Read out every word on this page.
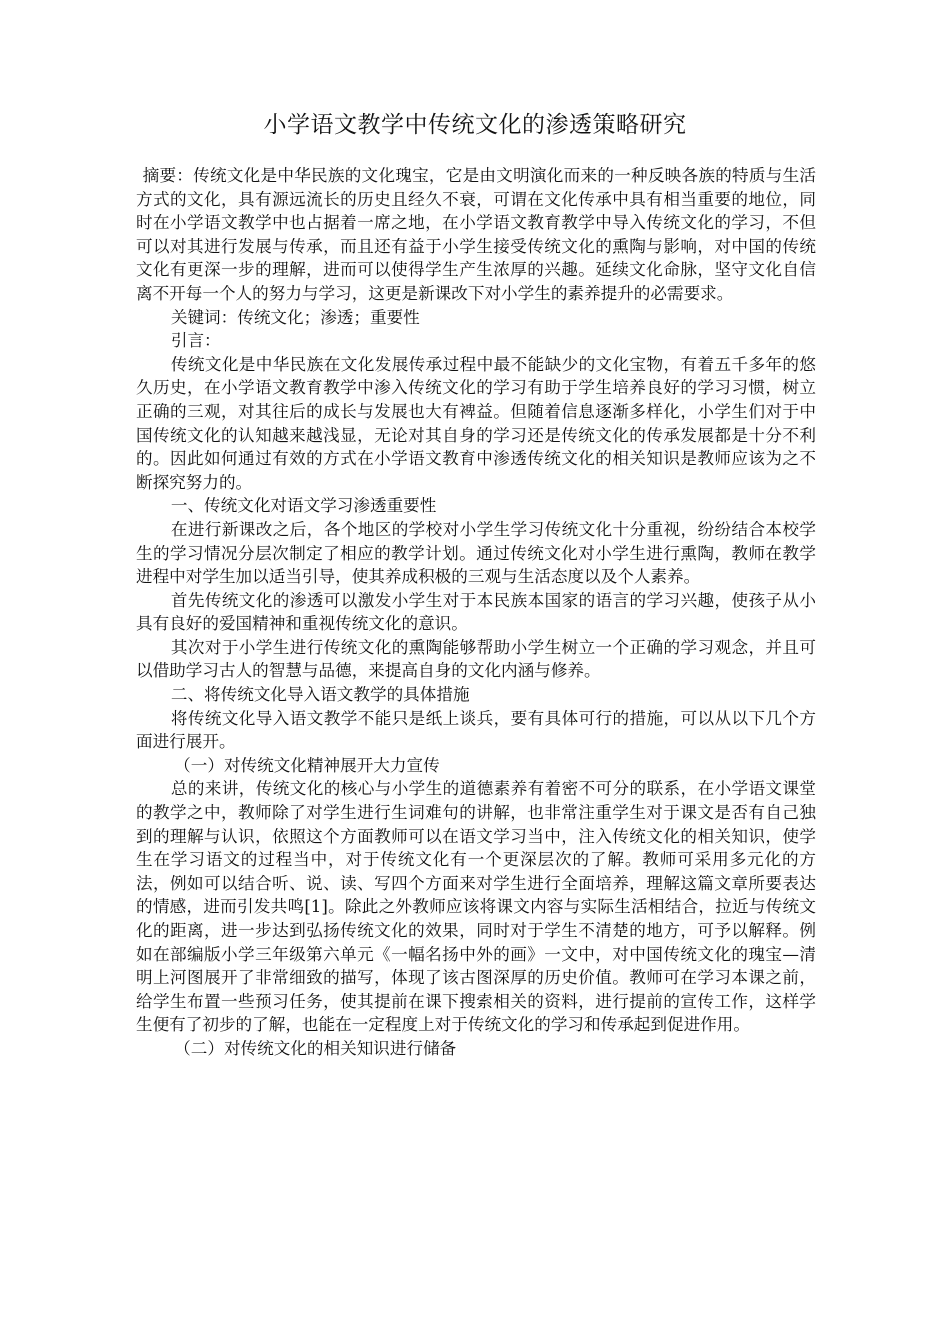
小学语文教学中传统文化的渗透策略研究

摘要：传统文化是中华民族的文化瑰宝，它是由文明演化而来的一种反映各族的特质与生活方式的文化，具有源远流长的历史且经久不衰，可谓在文化传承中具有相当重要的地位，同时在小学语文教学中也占据着一席之地，在小学语文教育教学中导入传统文化的学习，不但可以对其进行发展与传承，而且还有益于小学生接受传统文化的熏陶与影响，对中国的传统文化有更深一步的理解，进而可以使得学生产生浓厚的兴趣。延续文化命脉，坚守文化自信离不开每一个人的努力与学习，这更是新课改下对小学生的素养提升的必需要求。

关键词：传统文化；渗透；重要性

引言：

传统文化是中华民族在文化发展传承过程中最不能缺少的文化宝物，有着五千多年的悠久历史，在小学语文教育教学中渗入传统文化的学习有助于学生培养良好的学习习惯，树立正确的三观，对其往后的成长与发展也大有裨益。但随着信息逐渐多样化，小学生们对于中国传统文化的认知越来越浅显，无论对其自身的学习还是传统文化的传承发展都是十分不利的。因此如何通过有效的方式在小学语文教育中渗透传统文化的相关知识是教师应该为之不断探究努力的。

一、传统文化对语文学习渗透重要性

在进行新课改之后，各个地区的学校对小学生学习传统文化十分重视，纷纷结合本校学生的学习情况分层次制定了相应的教学计划。通过传统文化对小学生进行熏陶，教师在教学进程中对学生加以适当引导，使其养成积极的三观与生活态度以及个人素养。

首先传统文化的渗透可以激发小学生对于本民族本国家的语言的学习兴趣，使孩子从小具有良好的爱国精神和重视传统文化的意识。

其次对于小学生进行传统文化的熏陶能够帮助小学生树立一个正确的学习观念，并且可以借助学习古人的智慧与品德，来提高自身的文化内涵与修养。

二、将传统文化导入语文教学的具体措施

将传统文化导入语文教学不能只是纸上谈兵，要有具体可行的措施，可以从以下几个方面进行展开。

（一）对传统文化精神展开大力宣传

总的来讲，传统文化的核心与小学生的道德素养有着密不可分的联系，在小学语文课堂的教学之中，教师除了对学生进行生词难句的讲解，也非常注重学生对于课文是否有自己独到的理解与认识，依照这个方面教师可以在语文学习当中，注入传统文化的相关知识，使学生在学习语文的过程当中，对于传统文化有一个更深层次的了解。教师可采用多元化的方法，例如可以结合听、说、读、写四个方面来对学生进行全面培养，理解这篇文章所要表达的情感，进而引发共鸣[1]。除此之外教师应该将课文内容与实际生活相结合，拉近与传统文化的距离，进一步达到弘扬传统文化的效果，同时对于学生不清楚的地方，可予以解释。例如在部编版小学三年级第六单元《一幅名扬中外的画》一文中，对中国传统文化的瑰宝—清明上河图展开了非常细致的描写，体现了该古图深厚的历史价值。教师可在学习本课之前，给学生布置一些预习任务，使其提前在课下搜索相关的资料，进行提前的宣传工作，这样学生便有了初步的了解，也能在一定程度上对于传统文化的学习和传承起到促进作用。

（二）对传统文化的相关知识进行储备
